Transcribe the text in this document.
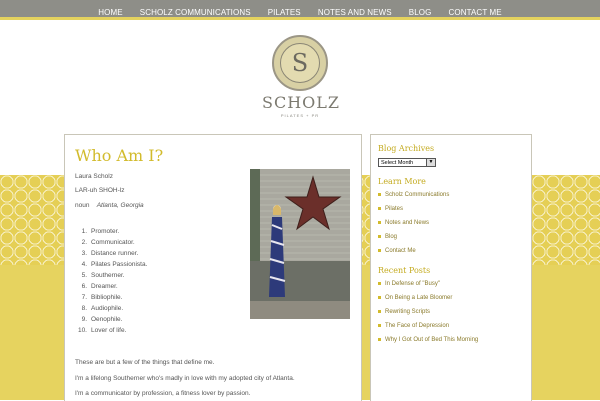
HOME SCHOLZ COMMUNICATIONS PILATES NOTES AND NEWS BLOG CONTACT ME
S
SCHOLZ
PILATES + PR
Who Am I?
Laura Scholz
LAR-uh SHOH-lz
noun Atlanta, Georgia
1. Promoter.
2. Communicator.
3. Distance runner.
4. Pilates Passionista.
5. Southerner.
6. Dreamer.
7. Bibliophile.
8. Audiophile.
9. Oenophile.
10. Lover of life.
These are but a few of the things that define me.
I'm a lifelong Southerner who's madly in love with my adopted city of Atlanta.
I'm a communicator by profession, a fitness lover by passion.
Blog Archives
Select Month	▼
Learn More
Scholz Communications
Pilates
Notes and News
Blog
Contact Me
Recent Posts
In Defense of "Busy"
On Being a Late Bloomer
Rewriting Scripts
The Face of Depression
Why I Got Out of Bed This Morning
